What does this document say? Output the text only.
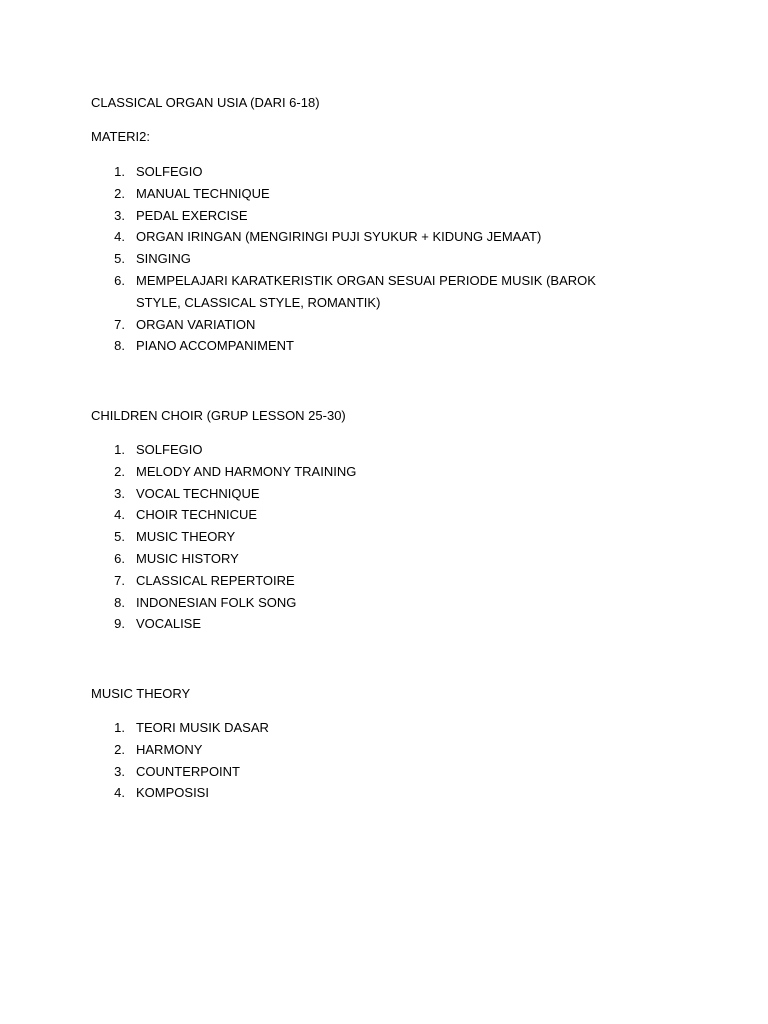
CLASSICAL ORGAN USIA (DARI 6-18)

MATERI2:

1. SOLFEGIO
2. MANUAL TECHNIQUE
3. PEDAL EXERCISE
4. ORGAN IRINGAN (MENGIRINGI PUJI SYUKUR + KIDUNG JEMAAT)
5. SINGING
6. MEMPELAJARI KARATKERISTIK ORGAN SESUAI PERIODE MUSIK (BAROK STYLE, CLASSICAL STYLE, ROMANTIK)
7. ORGAN VARIATION
8. PIANO ACCOMPANIMENT

CHILDREN CHOIR (GRUP LESSON 25-30)

1. SOLFEGIO
2. MELODY AND HARMONY TRAINING
3. VOCAL TECHNIQUE
4. CHOIR TECHNICUE
5. MUSIC THEORY
6. MUSIC HISTORY
7. CLASSICAL REPERTOIRE
8. INDONESIAN FOLK SONG
9. VOCALISE

MUSIC THEORY

1. TEORI MUSIK DASAR
2. HARMONY
3. COUNTERPOINT
4. KOMPOSISI
